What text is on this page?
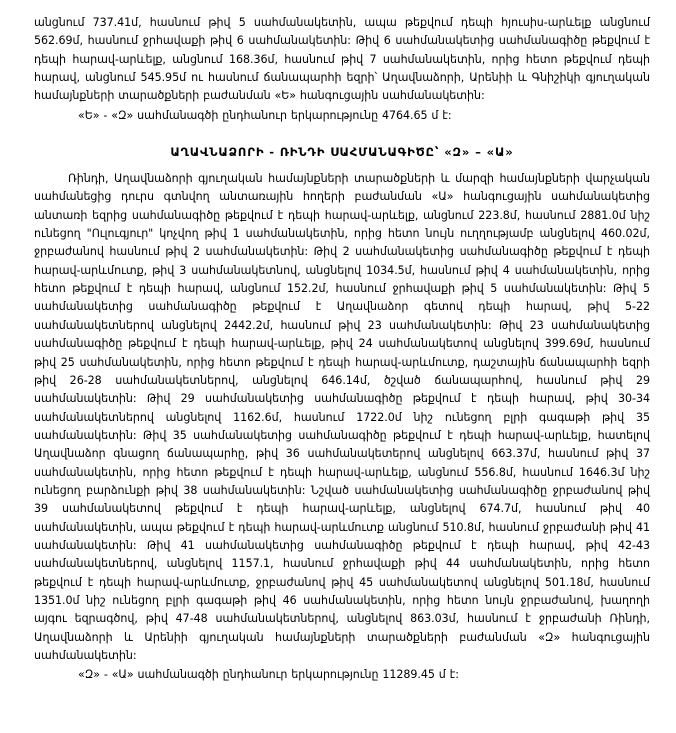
անցնում 737.41մ, հասնում թիվ 5 սահմանակետին, ապա թեքվում դեպի հյուսիս-արևելք անցնում 562.69մ, հասնում ջրհավաքի թիվ 6 սահմանակետին: Թիվ 6 սահմանակետից սահմանագիծը թեքվում է դեպի հարավ-արևելք, անցնում 168.36մ, հասնում թիվ 7 սահմանակետին, որից հետո թեքվում դեպի հարավ, անցնում 545.95մ ու հասնում ճանապարհի եզրի՝ Աղավնաձորի, Արենիի և Գնիշիկի գյուղական համայնքների տարածքների բաժանման «Ե» հանգուցային սահմանակետին:

«Ե» - «Զ» սահմանագծի ընդհանուր երկարությունը 4764.65 մ է:

ԱՂԱՎՆԱՁՈՐԻ - ՌԻՆԴԻ ՍԱՀՄԱՆԱԳԻԾԸ՝ «Զ» – «Ա»

Ռինդի, Աղավնաձորի գյուղական համայնքների տարածքների և մարզի համայնքների վարչական սահմանեցից դուրս գտնվող անտառային հողերի բաժանման «Ա» հանգուցային սահմանակետից անտառի եզրից սահմանագիծը թեքվում է դեպի հարավ-արևելք, անցնում 223.8մ, հասնում 2881.0մ նիշ ունեցող "Ուլուգյուր" կոչվող թիվ 1 սահմանակետին, որից հետո նույն ուղղությամբ անցնելով 460.02մ, ջրբաժանով հասնում թիվ 2 սահմանակետին: Թիվ 2 սահմանակետից սահմանագիծը թեքվում է դեպի հարավ-արևմուտք, թիվ 3 սահմանակետնով, անցնելով 1034.5մ, հասնում թիվ 4 սահմանակետին, որից հետո թեքվում է դեպի հարավ, անցնում 152.2մ, հասնում ջրհավաքի թիվ 5 սահմանակետին: Թիվ 5 սահմանակետից սահմանագիծը թեքվում է Աղավնաձոր գետով դեպի հարավ, թիվ 5-22 սահմանակետներով անցնելով 2442.2մ, հասնում թիվ 23 սահմանակետին: Թիվ 23 սահմանակետից սահմանագիծը թեքվում է դեպի հարավ-արևելք, թիվ 24 սահմանակետով անցնելով 399.69մ, հասնում թիվ 25 սահմանակետին, որից հետո թեքվում է դեպի հարավ-արևմուտք, դաշտային ճանապարհի եզրի թիվ 26-28 սահմանակետներով, անցնելով 646.14մ, ծշված ճանապարհով, հասնում թիվ 29 սահմանակետին: Թիվ 29 սահմանակետից սահմանագիծը թեքվում է դեպի հարավ, թիվ 30-34 սահմանակետներով անցնելով 1162.6մ, հասնում 1722.0մ նիշ ունեցող բլրի գագաթի թիվ 35 սահմանակետին: Թիվ 35 սահմանակետից սահմանագիծը թեքվում է դեպի հարավ-արևելք, հատելով Աղավնաձոր գնացող ճանապարհը, թիվ 36 սահմանակետերով անցնելով 663.37մ, հասնում թիվ 37 սահմանակետին, որից հետո թեքվում է դեպի հարավ-արևելք, անցնում 556.8մ, հասնում 1646.3մ նիշ ունեցող բարձունքի թիվ 38 սահմանակետին: Նշված սահմանակետից սահմանագիծը ջրբաժանով թիվ 39 սահմանակետով թեքվում է դեպի հարավ-արևելք, անցնելով 674.7մ, հասնում թիվ 40 սահմանակետին, ապա թեքվում է դեպի հարավ-արևմուտք անցնում 510.8մ, հասնում ջրբաժանի թիվ 41 սահմանակետին: Թիվ 41 սահմանակետից սահմանագիծը թեքվում է դեպի հարավ, թիվ 42-43 սահմանակետներով, անցնելով 1157.1, հասնում ջրհավաքի թիվ 44 սահմանակետին, որից հետո թեքվում է դեպի հարավ-արևմուտք, ջրբաժանով թիվ 45 սահմանակետով անցնելով 501.18մ, հասնում 1351.0մ նիշ ունեցող բլրի գագաթի թիվ 46 սահմանակետին, որից հետո նույն ջրբաժանով, խաղողի այգու եզրագծով, թիվ 47-48 սահմանակետներով, անցնելով 863.03մ, հասնում է ջրբաժանի Ռինդի, Աղավնաձորի և Արենիի գյուղական համայնքների տարածքների բաժանման «Զ» հանգուցային սահմանակետին:

«Զ» - «Ա» սահմանագծի ընդհանուր երկարությունը 11289.45 մ է:
